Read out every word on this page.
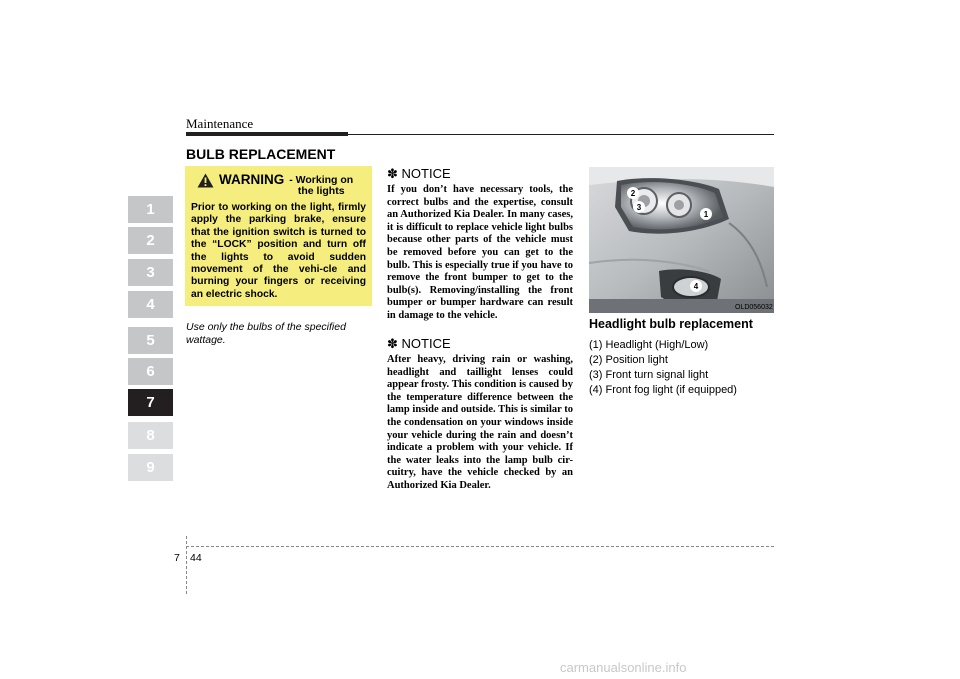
Maintenance
BULB REPLACEMENT
1
2
3
4
5
6
7
8
9
WARNING - Working on
the lights
Prior to working on the light, firmly apply the parking brake, ensure that the ignition switch is turned to the “LOCK” position and turn off the lights to avoid sudden movement of the vehi-cle and burning your fingers or receiving an electric shock.
Use only the bulbs of the specified wattage.
✽ NOTICE
If you don’t have necessary tools, the correct bulbs and the expertise, consult an Authorized Kia Dealer. In many cases, it is difficult to replace vehicle light bulbs because other parts of the vehicle must be removed before you can get to the bulb. This is especially true if you have to remove the front bumper to get to the bulb(s). Removing/installing the front bumper or bumper hardware can result in damage to the vehicle.
✽ NOTICE
After heavy, driving rain or washing, headlight and taillight lenses could appear frosty. This condition is caused by the temperature difference between the lamp inside and outside. This is similar to the condensation on your windows inside your vehicle during the rain and doesn’t indicate a problem with your vehicle. If the water leaks into the lamp bulb cir-cuitry, have the vehicle checked by an Authorized Kia Dealer.
1
2
3
4
OLD056032
Headlight bulb replacement
(1) Headlight (High/Low)
(2) Position light
(3) Front turn signal light
(4) Front fog light (if equipped)
7 44
carmanualsonline.info
